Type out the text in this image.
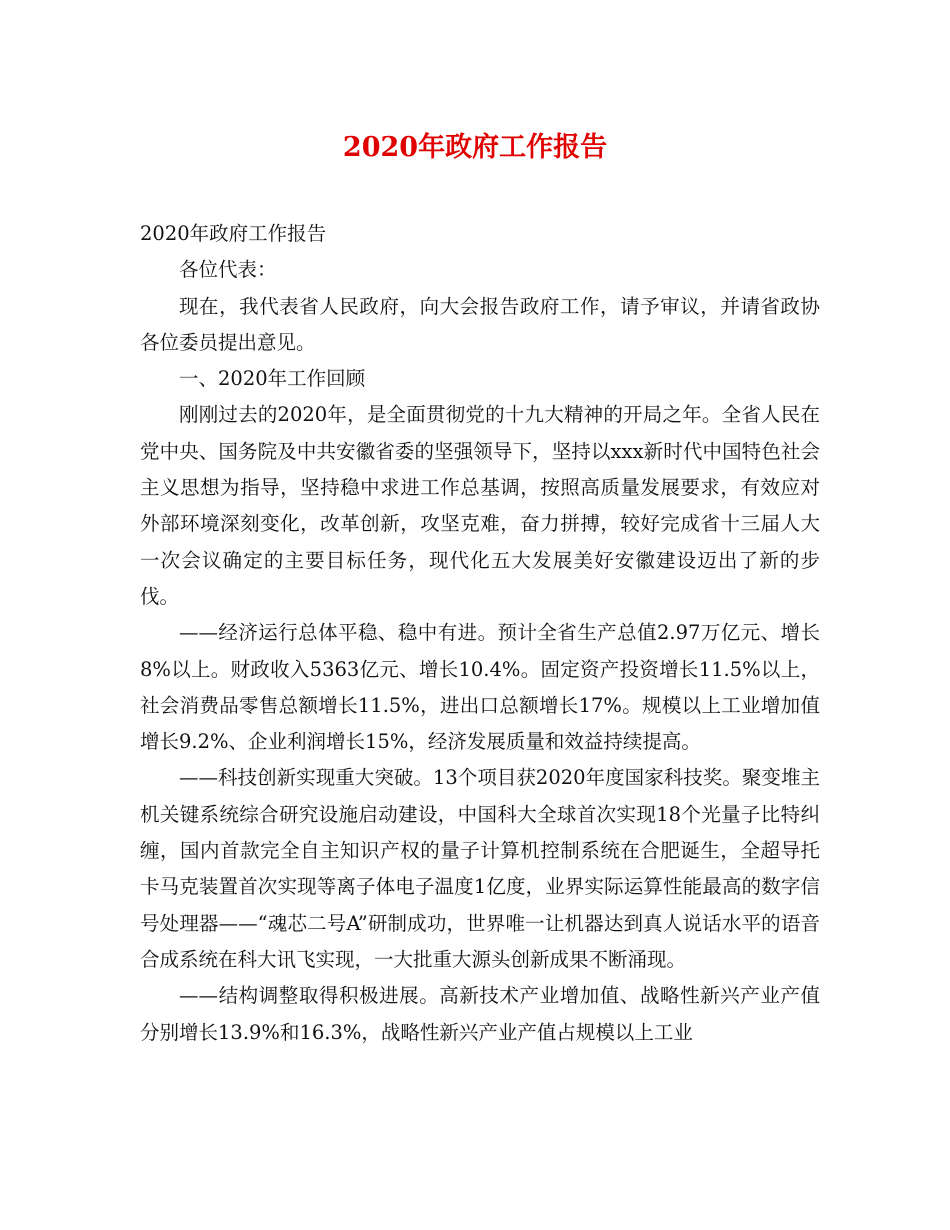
2020年政府工作报告

2020年政府工作报告

各位代表：

现在，我代表省人民政府，向大会报告政府工作，请予审议，并请省政协各位委员提出意见。

一、2020年工作回顾

刚刚过去的2020年，是全面贯彻党的十九大精神的开局之年。全省人民在党中央、国务院及中共安徽省委的坚强领导下，坚持以xxx新时代中国特色社会主义思想为指导，坚持稳中求进工作总基调，按照高质量发展要求，有效应对外部环境深刻变化，改革创新，攻坚克难，奋力拼搏，较好完成省十三届人大一次会议确定的主要目标任务，现代化五大发展美好安徽建设迈出了新的步伐。

——经济运行总体平稳、稳中有进。预计全省生产总值2.97万亿元、增长8%以上。财政收入5363亿元、增长10.4%。固定资产投资增长11.5%以上，社会消费品零售总额增长11.5%，进出口总额增长17%。规模以上工业增加值增长9.2%、企业利润增长15%，经济发展质量和效益持续提高。

——科技创新实现重大突破。13个项目获2020年度国家科技奖。聚变堆主机关键系统综合研究设施启动建设，中国科大全球首次实现18个光量子比特纠缠，国内首款完全自主知识产权的量子计算机控制系统在合肥诞生，全超导托卡马克装置首次实现等离子体电子温度1亿度，业界实际运算性能最高的数字信号处理器——“魂芯二号A”研制成功，世界唯一让机器达到真人说话水平的语音合成系统在科大讯飞实现，一大批重大源头创新成果不断涌现。

——结构调整取得积极进展。高新技术产业增加值、战略性新兴产业产值分别增长13.9%和16.3%，战略性新兴产业产值占规模以上工业
